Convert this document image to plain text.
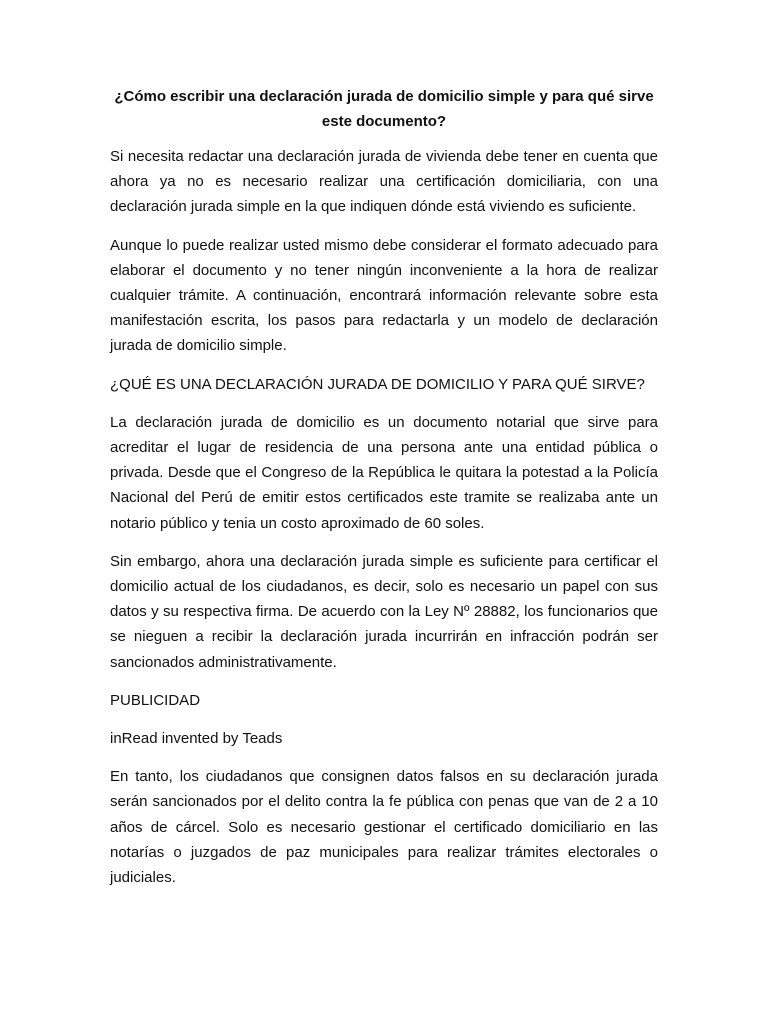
¿Cómo escribir una declaración jurada de domicilio simple y para qué sirve este documento?

Si necesita redactar una declaración jurada de vivienda debe tener en cuenta que ahora ya no es necesario realizar una certificación domiciliaria, con una declaración jurada simple en la que indiquen dónde está viviendo es suficiente.

Aunque lo puede realizar usted mismo debe considerar el formato adecuado para elaborar el documento y no tener ningún inconveniente a la hora de realizar cualquier trámite. A continuación, encontrará información relevante sobre esta manifestación escrita, los pasos para redactarla y un modelo de declaración jurada de domicilio simple.

¿QUÉ ES UNA DECLARACIÓN JURADA DE DOMICILIO Y PARA QUÉ SIRVE?

La declaración jurada de domicilio es un documento notarial que sirve para acreditar el lugar de residencia de una persona ante una entidad pública o privada. Desde que el Congreso de la República le quitara la potestad a la Policía Nacional del Perú de emitir estos certificados este tramite se realizaba ante un notario público y tenia un costo aproximado de 60 soles.

Sin embargo, ahora una declaración jurada simple es suficiente para certificar el domicilio actual de los ciudadanos, es decir, solo es necesario un papel con sus datos y su respectiva firma. De acuerdo con la Ley Nº 28882, los funcionarios que se nieguen a recibir la declaración jurada incurrirán en infracción podrán ser sancionados administrativamente.

PUBLICIDAD

inRead invented by Teads

En tanto, los ciudadanos que consignen datos falsos en su declaración jurada serán sancionados por el delito contra la fe pública con penas que van de 2 a 10 años de cárcel. Solo es necesario gestionar el certificado domiciliario en las notarías o juzgados de paz municipales para realizar trámites electorales o judiciales.
